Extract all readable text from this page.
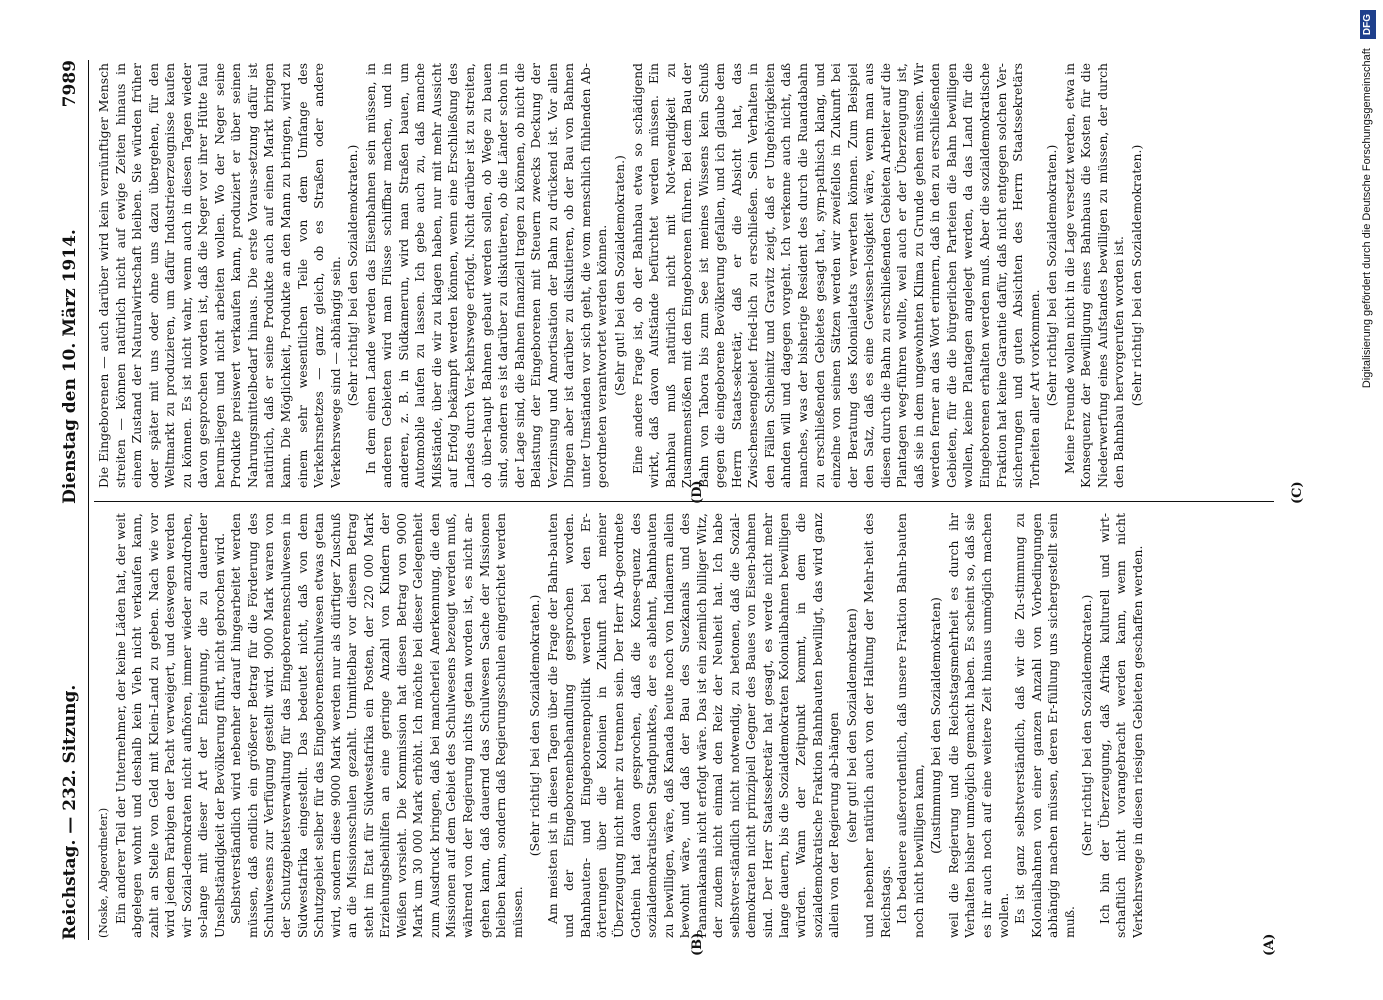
Reichstag. — 232. Sitzung.
Dienstag den 10. März 1914.  7989

(Noske, Abgeordneter.) Ein anderer Teil der Unternehmer, der keine Läden hat, der weit abgelegen wohnt und deshalb kein Vieh nicht verkaufen kann, zahlt an Stelle von Geld mit Klein-Land zu geben. Nach wie vor wird jedem Farbigen der Pacht verweigert, und deswegen werden wir Sozial-demokraten nicht aufhören, immer wieder anzudrohen, so-lange mit dieser Art der Enteignung, die zu dauernder Unselbständigkeit der Bevölkerung führt, nicht gebrochen wird. Selbstverständlich wird nebenher darauf hingearbeitet werden müssen, daß endlich ein größerer Betrag für die Förderung des Schulwesens zur Verfügung gestellt wird. 9000 Mark waren von der Schutzgebietsverwaltung für das Eingeborenenschulwesen in Südwestafrika eingestellt. Das bedeutet nicht, daß von dem Schutzgebiet selber für das Eingeborenenschulwesen etwas getan wird, sondern diese 9000 Mark werden nur als dürftiger Zuschuß an die Missionsschulen gezahlt. Unmittelbar vor diesem Betrag steht im Etat für Südwestafrika ein Posten, der 220 000 Mark Erziehungsbeihilfen an eine geringe Anzahl von Kindern der Weißen vorsieht. Die Kommission hat diesen Betrag von 9000 Mark um 30 000 Mark erhöht. Ich möchte bei dieser Gelegenheit zum Ausdruck bringen, daß bei mancherlei Anerkennung, die den Missionen auf dem Gebiet des Schulwesens bezeugt werden muß, während von der Regierung nichts getan worden ist, es nicht an-gehen kann, daß dauernd das Schulwesen Sache der Missionen bleiben kann, sondern daß Regierungsschulen eingerichtet werden müssen.

(Sehr richtig! bei den Sozialdemokraten.) Am meisten ist in diesen Tagen über die Frage der Bahn-bauten und der Eingeborenenbehandlung gesprochen worden. Bahnbauten- und Eingeborenenpolitik werden bei den Er-örterungen über die Kolonien in Zukunft nach meiner Überzeugung nicht mehr zu trennen sein. Der Herr Ab-geordnete Gothein hat davon gesprochen, daß die Konse-quenz des sozialdemokratischen Standpunktes, der es ablehnt, Bahnbauten zu bewilligen, wäre, daß Kanada heute noch von Indianern allein bewohnt wäre, und daß der Bau des Suezkanals und des Panamakanals nicht erfolgt wäre. Das ist ein ziemlich billiger Witz, der zudem nicht einmal den Reiz der Neuheit hat. Ich habe selbstver-ständlich nicht notwendig, zu betonen, daß die Sozial-demokraten nicht prinzipiell Gegner des Baues von Eisen-bahnen sind. Der Herr Staatssekretär hat gesagt, es werde nicht mehr lange dauern, bis die Sozialdemokraten Kolonialbahnen bewilligen würden. Wann der Zeitpunkt kommt, in dem die sozialdemokratische Fraktion Bahnbauten bewilligt, das wird ganz allein von der Regierung ab-hängen (sehr gut! bei den Sozialdemokraten) und nebenher natürlich auch von der Haltung der Mehr-heit des Reichstags. Ich bedauere außerordentlich, daß unsere Fraktion Bahn-bauten noch nicht bewilligen kann, (Zustimmung bei den Sozialdemokraten) weil die Regierung und die Reichstagsmehrheit es durch ihr Verhalten bisher unmöglich gemacht haben. Es scheint so, daß sie es ihr auch noch auf eine weitere Zeit hinaus unmöglich machen wollen. Es ist ganz selbstverständlich, daß wir die Zu-stimmung zu Kolonialbahnen von einer ganzen Anzahl von Vorbedingungen abhängig machen müssen, deren Er-füllung uns sichergestellt sein muß.

(Sehr richtig! bei den Sozialdemokraten.) Ich bin der Überzeugung, daß Afrika kulturell und wirt-schaftlich nicht vorangebracht werden kann, wenn nicht Verkehrswege in diesen riesigen Gebieten geschaffen werden.

Die Eingeborenen — auch darüber wird kein vernünftiger Mensch streiten — können natürlich nicht auf ewige Zeiten hinaus in einem Zustand der Naturalwirtschaft bleiben. Sie würden früher oder später mit uns oder ohne uns dazu übergehen, für den Weltmarkt zu produzieren, um dafür Industrieerzeugnisse kaufen zu können. Es ist nicht wahr, wenn auch in diesen Tagen wieder davon gesprochen worden ist, daß die Neger vor ihrer Hütte faul herum-liegen und nicht arbeiten wollen. Wo der Neger seine Produkte preiswert verkaufen kann, produziert er über seinen Nahrungsmittelbedarf hinaus. Die erste Voraus-setzung dafür ist natürlich, daß er seine Produkte auch auf einen Markt bringen kann. Die Möglichkeit, Produkte an den Mann zu bringen, wird zu einem sehr wesentlichen Teile von dem Umfange des Verkehrsnetzes — ganz gleich, ob es Straßen oder andere Verkehrswege sind — abhängig sein. (Sehr richtig! bei den Sozialdemokraten.) In dem einen Lande werden das Eisenbahnen sein müssen, in anderen Gebieten wird man Flüsse schiffbar machen, und in anderen, z. B. in Südkamerun, wird man Straßen bauen, um Automobile laufen zu lassen. Ich gebe auch zu, daß manche Mißstände, über die wir zu klagen haben, nur mit mehr Aussicht auf Erfolg bekämpft werden können, wenn eine Erschließung des Landes durch Ver-kehrswege erfolgt. Nicht darüber ist zu streiten, ob über-haupt Bahnen gebaut werden sollen, ob Wege zu bauen sind, sondern es ist darüber zu diskutieren, ob die Länder schon in der Lage sind, die Bahnen finanziell tragen zu können, ob nicht die Belastung der Eingeborenen mit Steuern zwecks Deckung der Verzinsung und Amortisation der Bahn zu drückend ist. Vor allen Dingen aber ist darüber zu diskutieren, ob der Bau von Bahnen unter Umständen vor sich geht, die vom menschlich fühlenden Ab-geordneten verantwortet werden können. (Sehr gut! bei den Sozialdemokraten.) Eine andere Frage ist, ob der Bahnbau etwa so schädigend wirkt, daß davon Aufstände befürchtet werden müssen. Ein Bahnbau muß natürlich nicht mit Not-wendigkeit zu Zusammenstößen mit den Eingeborenen führen. Bei dem Bau der Bahn von Tabora bis zum See ist meines Wissens kein Schuß gegen die eingeborene Bevölkerung gefallen, und ich glaube dem Herrn Staats-sekretär, daß er die Absicht hat, das Zwischenseengebiet fried-lich zu erschließen. Sein Verhalten in den Fällen Schleinitz und Gravitz zeigt, daß er Ungehörigkeiten ahnden will und dagegen vorgeht. Ich verkenne auch nicht, daß manches, was der bisherige Resident des durch die Ruandabahn zu erschließenden Gebietes gesagt hat, sym-pathisch klang, und einzelne von seinen Sätzen werden wir zweifellos in Zukunft bei der Beratung des Kolonialetats verwerten können. Zum Beispiel den Satz, daß es eine Gewissen-losigkeit wäre, wenn man aus diesen durch die Bahn zu erschließenden Gebieten Arbeiter auf die Plantagen weg-führen wollte, weil auch er der Überzeugung ist, daß sie in dem ungewohnten Klima zu Grunde gehen müssen. Wir werden ferner an das Wort erinnern, daß in den zu erschließenden Gebieten, für die die bürgerlichen Parteien die Bahn bewilligen wollen, keine Plantagen angelegt werden, da das Land für die Eingeborenen erhalten werden muß. Aber die sozialdemokratische Fraktion hat keine Garantie dafür, daß nicht entgegen solchen Ver-sicherungen und guten Absichten des Herrn Staatssekretärs Torheiten aller Art vorkommen. (Sehr richtig! bei den Sozialdemokraten.) Meine Freunde wollen nicht in die Lage versetzt werden, etwa in Konsequenz der Bewilligung eines Bahnbaus die Kosten für die Niederwerfung eines Aufstandes bewilligen zu müssen, der durch den Bahnbau hervorgerufen worden ist. (Sehr richtig! bei den Sozialdemokraten.)

(A)
(B)
(C)
(D)
Digitalisierung gefördert durch die Deutsche Forschungsgemeinschaft DFG
